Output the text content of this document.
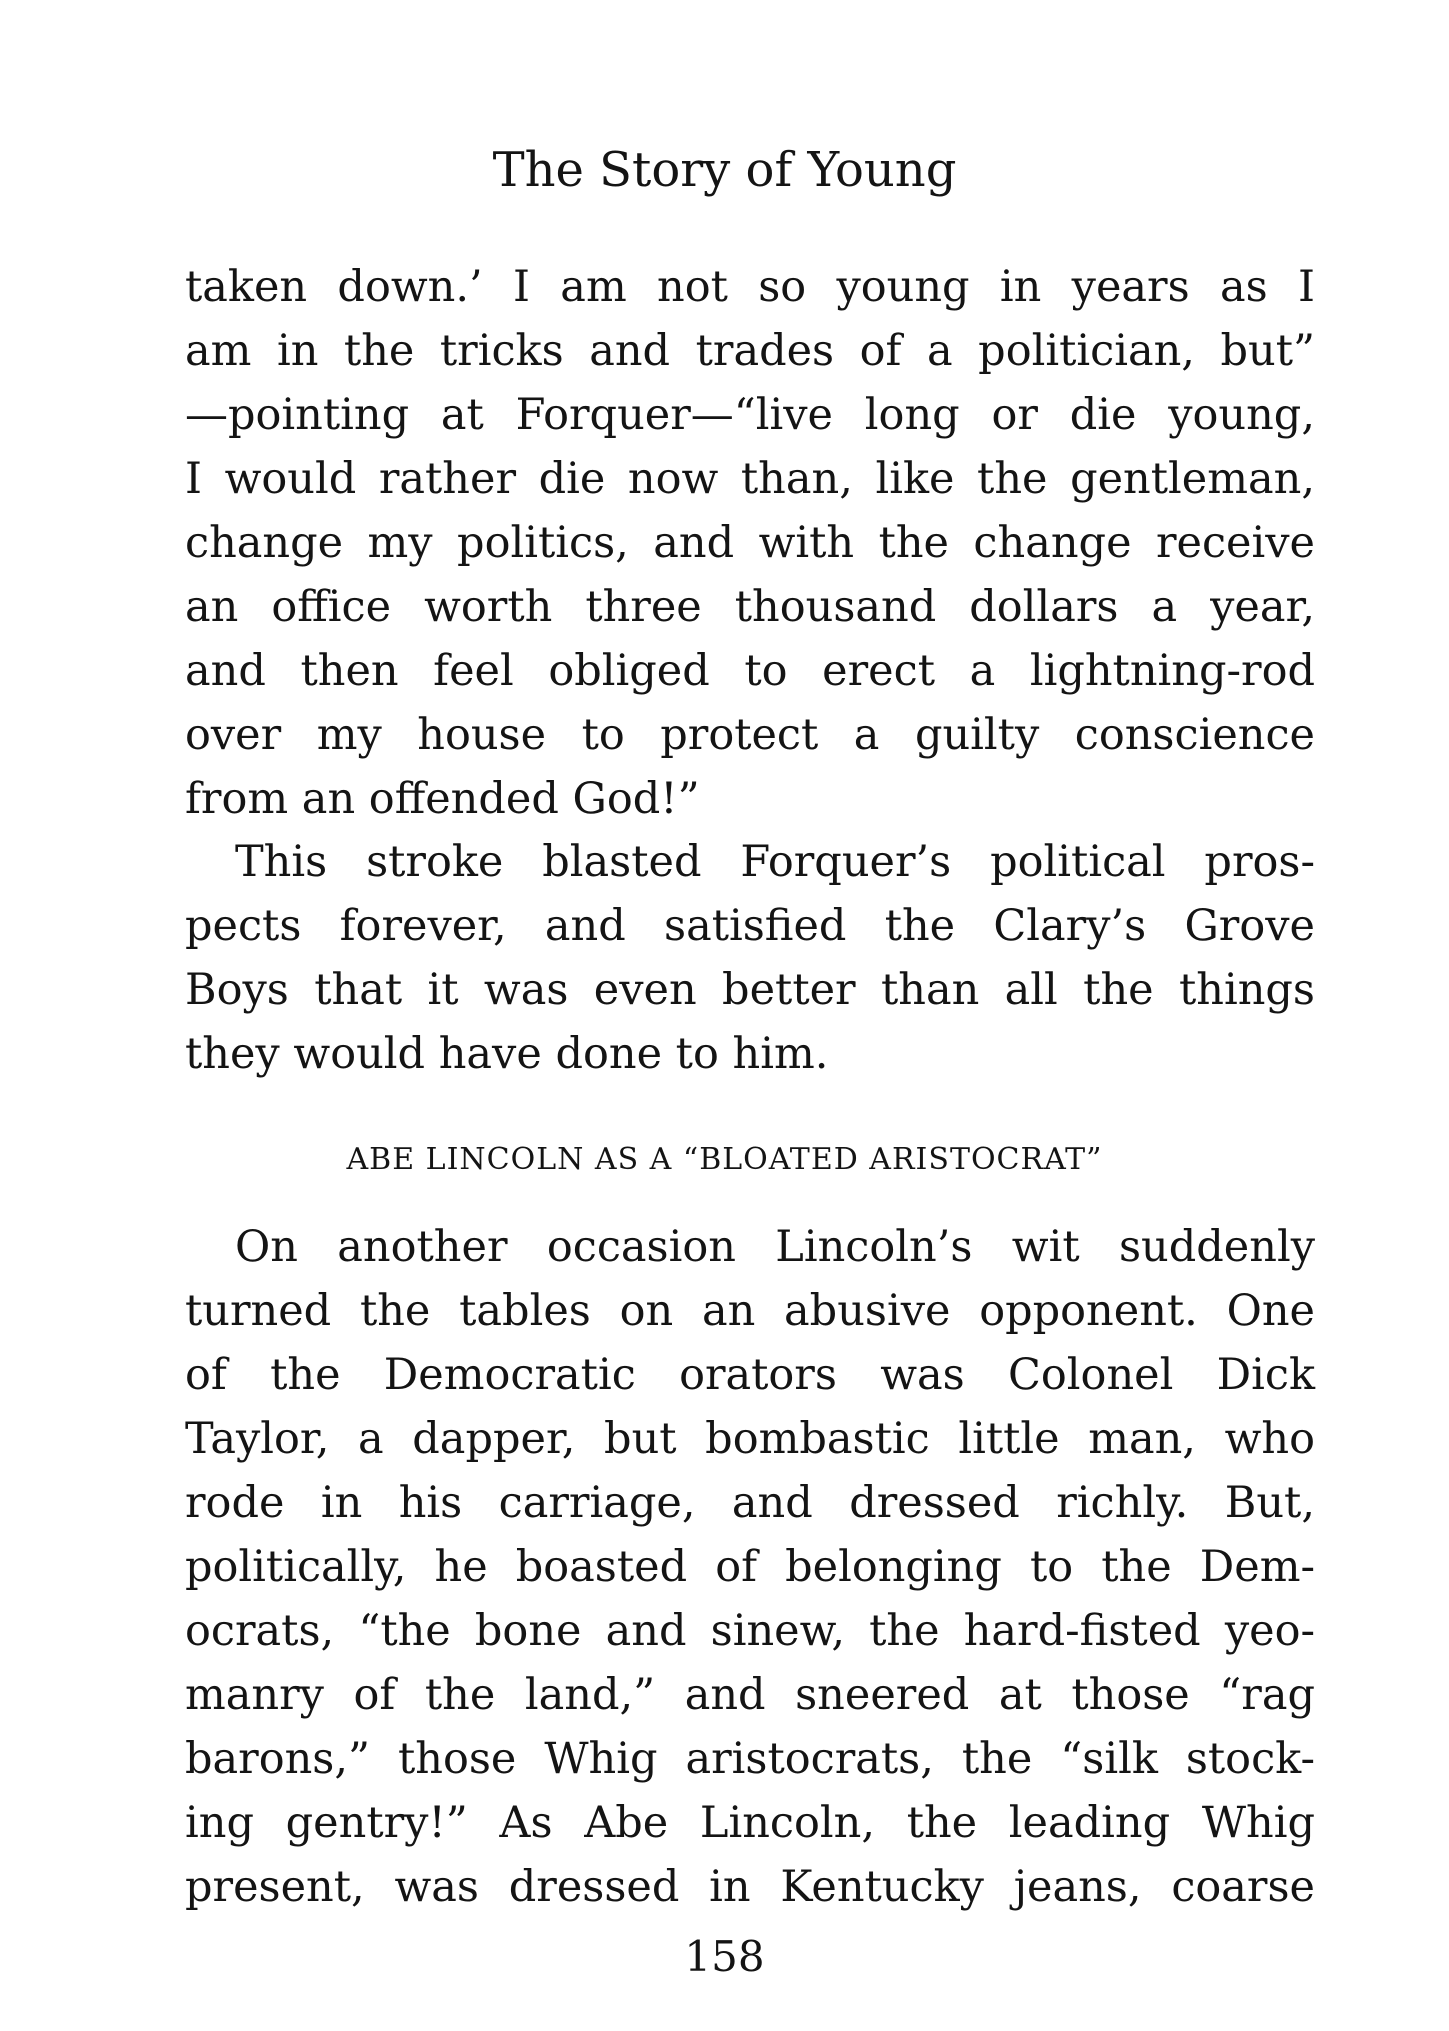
The Story of Young
taken down.’ I am not so young in years as I
am in the tricks and trades of a politician, but”
—pointing at Forquer—“live long or die young,
I would rather die now than, like the gentleman,
change my politics, and with the change receive
an office worth three thousand dollars a year,
and then feel obliged to erect a lightning-rod
over my house to protect a guilty conscience
from an offended God!”
This stroke blasted Forquer’s political pros-
pects forever, and satisfied the Clary’s Grove
Boys that it was even better than all the things
they would have done to him.
ABE LINCOLN AS A “BLOATED ARISTOCRAT”
On another occasion Lincoln’s wit suddenly
turned the tables on an abusive opponent. One
of the Democratic orators was Colonel Dick
Taylor, a dapper, but bombastic little man, who
rode in his carriage, and dressed richly. But,
politically, he boasted of belonging to the Dem-
ocrats, “the bone and sinew, the hard-fisted yeo-
manry of the land,” and sneered at those “rag
barons,” those Whig aristocrats, the “silk stock-
ing gentry!” As Abe Lincoln, the leading Whig
present, was dressed in Kentucky jeans, coarse
158
